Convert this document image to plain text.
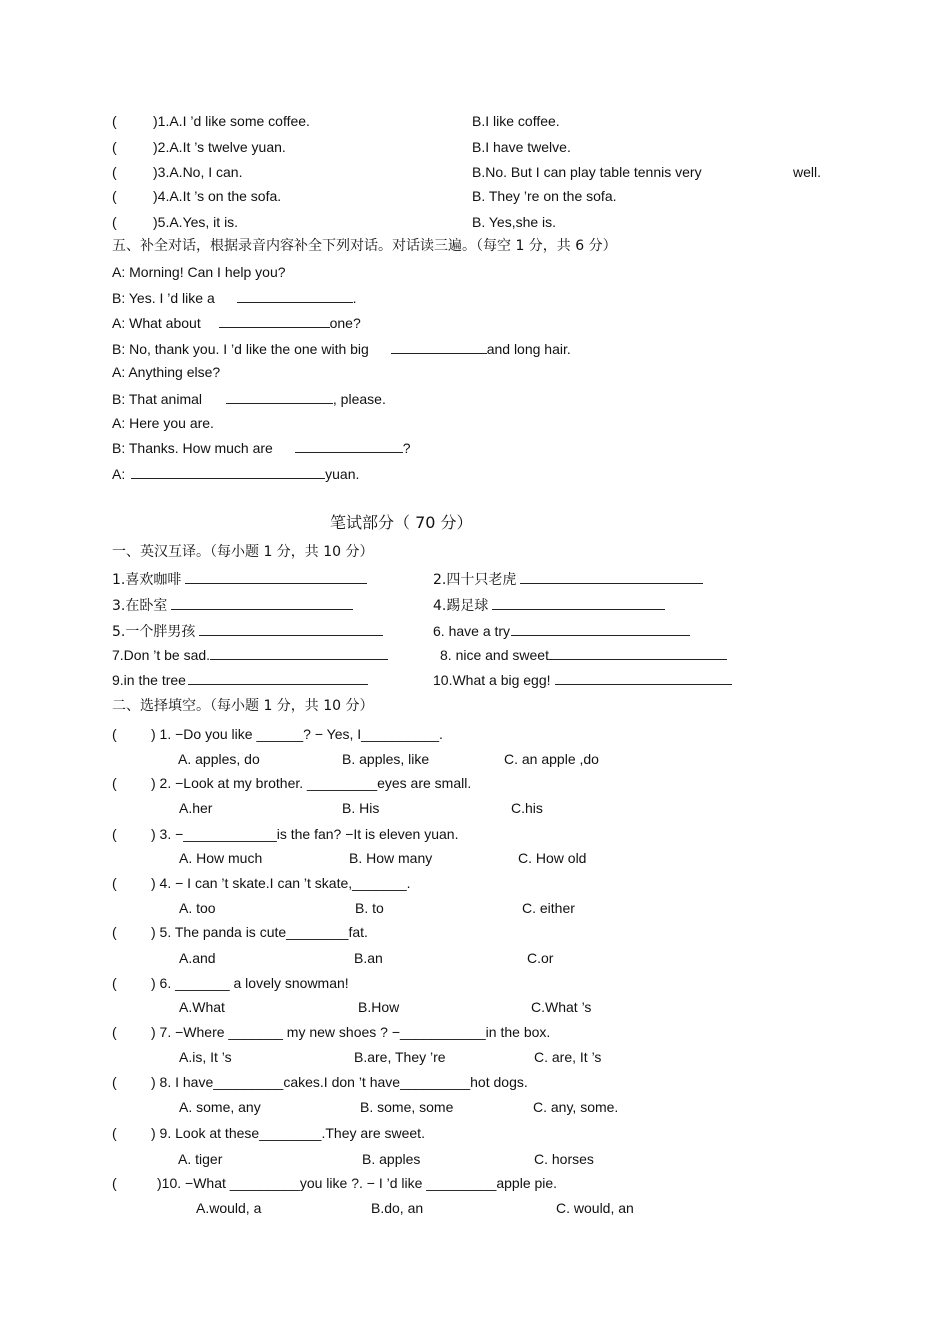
(	)1.A.I ’d like some coffee.	B.I like coffee.
(	)2.A.It ’s twelve yuan.	B.I have twelve.
(	)3.A.No, I can.	B.No. But I can play table tennis very	well.
(	)4.A.It ’s on the sofa.	B. They ’re on the sofa.
(	)5.A.Yes, it is.	B. Yes,she is.
五、补全对话，根据录音内容补全下列对话。对话读三遍。（每空 1 分，共 6 分）
A: Morning! Can I help you?
B: Yes. I ’d like a	.
A: What about	one?
B: No, thank you. I ’d like the one with big	and long hair.
A: Anything else?
B: That animal	, please.
A: Here you are.
B: Thanks. How much are	?
A:	yuan.
笔试部分（ 70 分）
一、英汉互译。（每小题 1 分，共 10 分）
1.喜欢咖啡	2.四十只老虎
3.在卧室	4.踢足球
5.一个胖男孩	6. have a try
7.Don ’t be sad.	8. nice and sweet
9.in the tree	10.What a big egg!
二、选择填空。（每小题 1 分，共 10 分）
( ) 1. −Do you like ______? − Yes, I__________.
A. apples, do	B. apples, like	C. an apple ,do
( ) 2. −Look at my brother. _________eyes are small.
A.her	B. His	C.his
( ) 3. −____________is the fan? −It is eleven yuan.
A. How much	B. How many	C. How old
( ) 4. − I can ’t skate.I can ’t skate,_______.
A. too	B. to	C. either
( ) 5. The panda is cute________fat.
A.and	B.an	C.or
( ) 6. _______ a lovely snowman!
A.What	B.How	C.What ’s
( ) 7. −Where _______ my new shoes ? −___________in the box.
A.is, It ’s	B.are, They ’re	C. are, It ’s
( ) 8. I have_________cakes.I don ’t have_________hot dogs.
A. some, any	B. some, some	C. any, some.
( ) 9. Look at these________.They are sweet.
A. tiger	B. apples	C. horses
(	)10. −What _________you like ?. − I ’d like _________apple pie.
A.would, a	B.do, an	C. would, an
